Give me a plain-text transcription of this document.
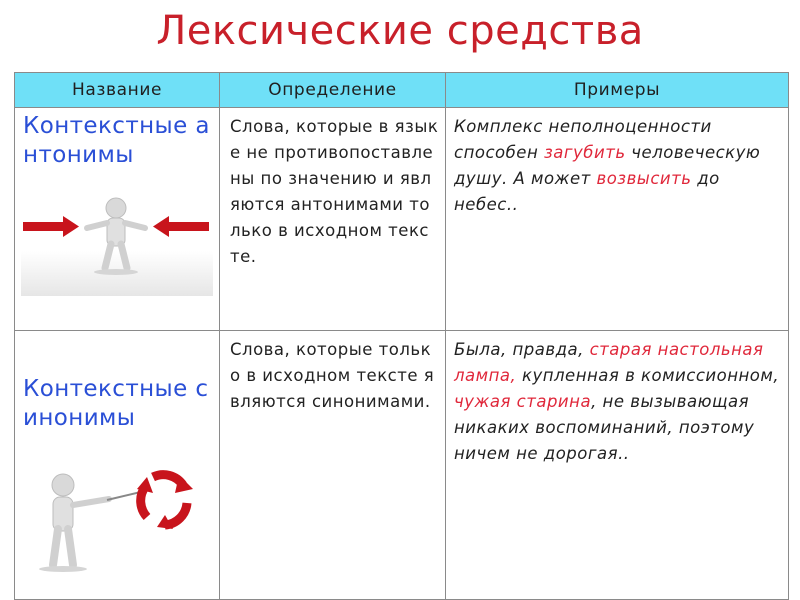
Лексические средства
Название	Определение	Примеры

Контекстные антонимы	Слова, которые в языке не противопоставлены по значению и являются антонимами только в исходном тексте.	Комплекс неполноценности способен загубить человеческую душу. А может возвысить до небес..

Контекстные синонимы	Слова, которые только в исходном тексте являются синонимами.	Была, правда, старая настольная лампа, купленная в комиссионном, чужая старина, не вызывающая никаких воспоминаний, поэтому ничем не дорогая..
